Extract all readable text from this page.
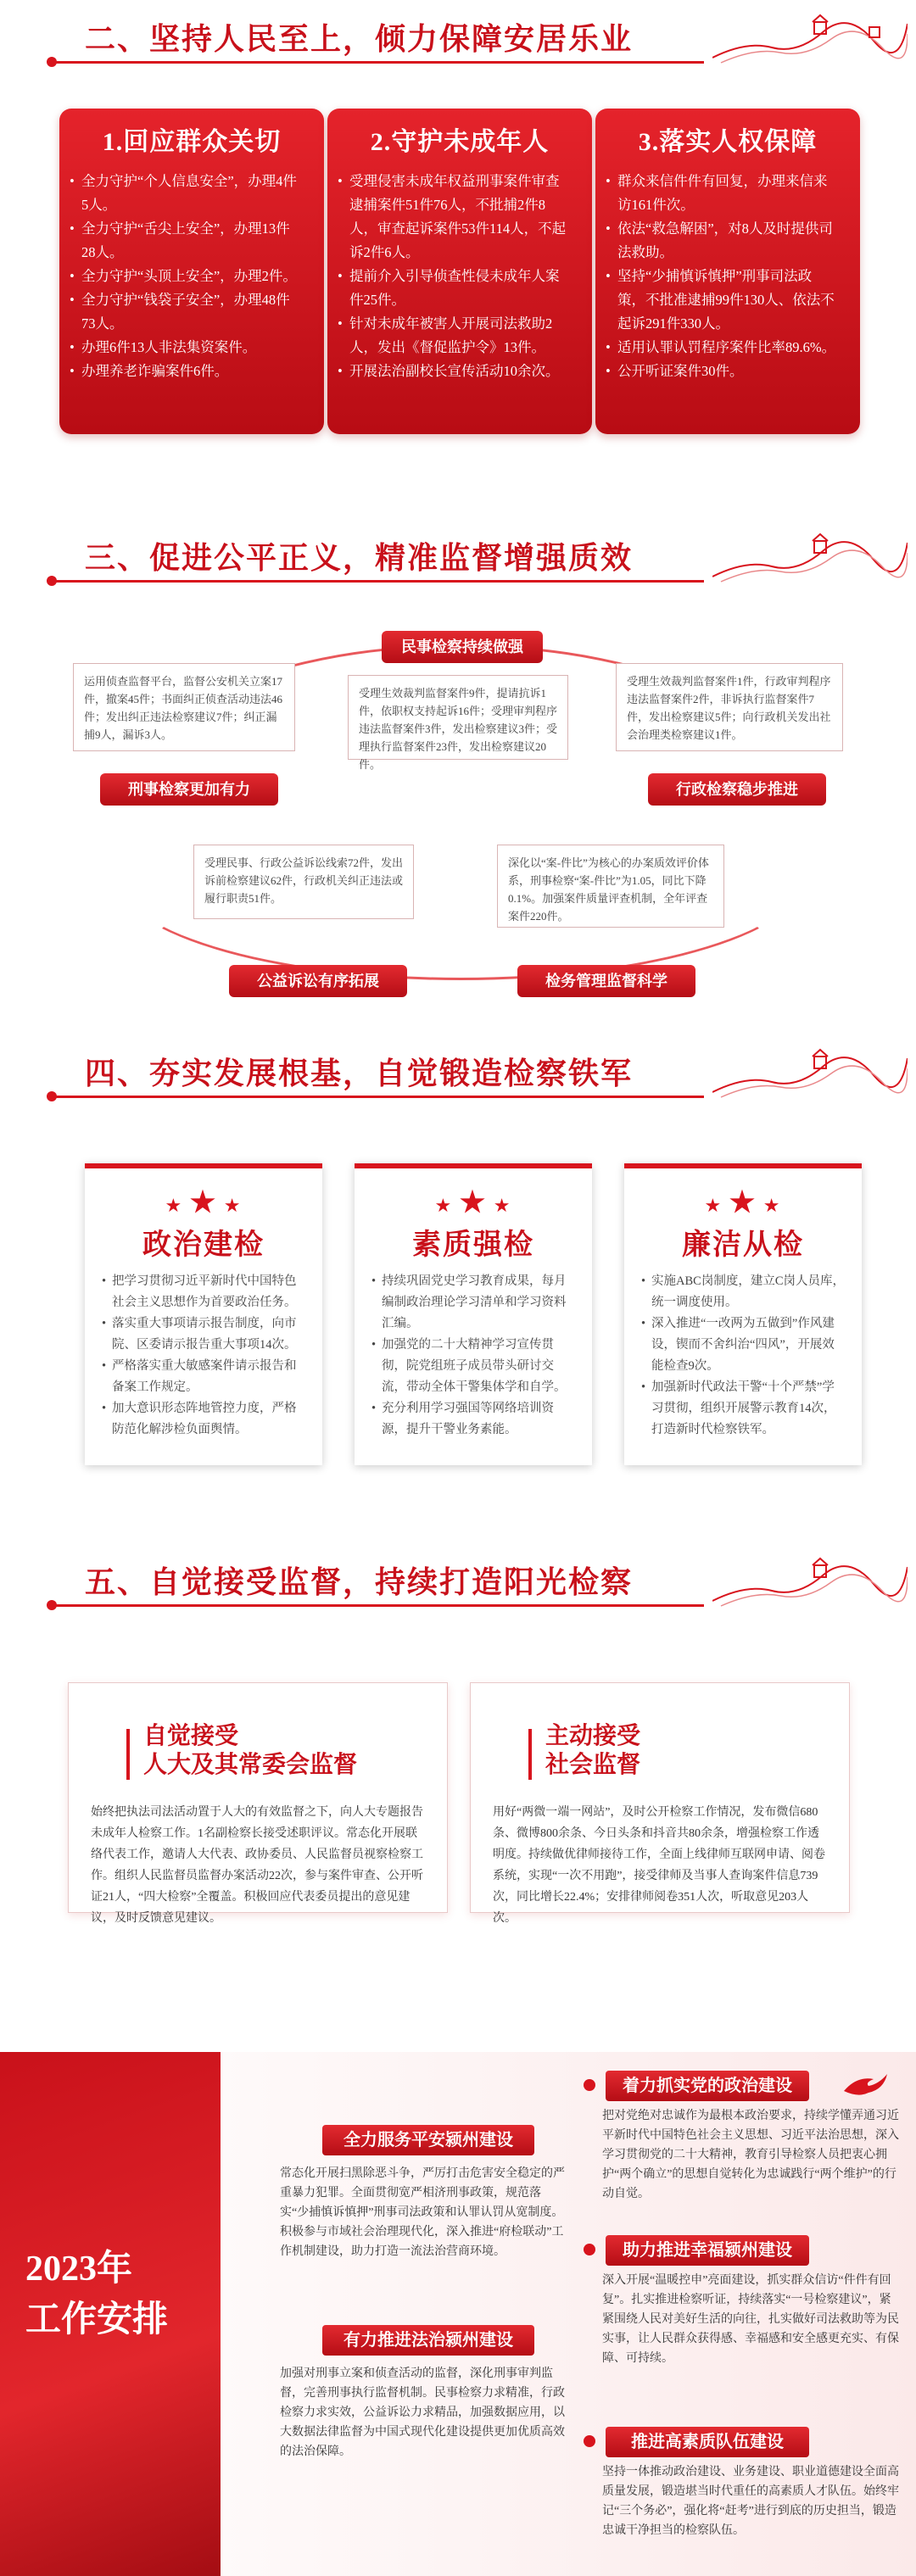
二、坚持人民至上，倾力保障安居乐业
1.回应群众关切
• 全力守护“个人信息安全”，办理4件5人。
• 全力守护“舌尖上安全”，办理13件28人。
• 全力守护“头顶上安全”，办理2件。
• 全力守护“钱袋子安全”，办理48件73人。
• 办理6件13人非法集资案件。
• 办理养老诈骗案件6件。
2.守护未成年人
• 受理侵害未成年权益刑事案件审查逮捕案件51件76人，不批捕2件8人，审查起诉案件53件114人，不起诉2件6人。
• 提前介入引导侦查性侵未成年人案件25件。
• 针对未成年被害人开展司法救助2人，发出《督促监护令》13件。
• 开展法治副校长宣传活动10余次。
3.落实人权保障
• 群众来信件件有回复，办理来信来访161件次。
• 依法“救急解困”，对8人及时提供司法救助。
• 坚持“少捕慎诉慎押”刑事司法政策，不批准逮捕99件130人、依法不起诉291件330人。
• 适用认罪认罚程序案件比率89.6%。
• 公开听证案件30件。
三、促进公平正义，精准监督增强质效
民事检察持续做强
运用侦查监督平台，监督公安机关立案17件，撤案45件；书面纠正侦查活动违法46件；发出纠正违法检察建议7件；纠正漏捕9人，漏诉3人。
刑事检察更加有力
受理生效裁判监督案件9件，提请抗诉1件，依职权支持起诉16件；受理审判程序违法监督案件3件，发出检察建议3件；受理执行监督案件23件，发出检察建议20件。
受理生效裁判监督案件1件，行政审判程序违法监督案件2件，非诉执行监督案件7件，发出检察建议5件；向行政机关发出社会治理类检察建议1件。
行政检察稳步推进
受理民事、行政公益诉讼线索72件，发出诉前检察建议62件，行政机关纠正违法或履行职责51件。
公益诉讼有序拓展
深化以“案-件比”为核心的办案质效评价体系，刑事检察“案-件比”为1.05，同比下降0.1%。加强案件质量评查机制，全年评查案件220件。
检务管理监督科学
四、夯实发展根基，自觉锻造检察铁军
★ ★ ★
政治建检
• 把学习贯彻习近平新时代中国特色社会主义思想作为首要政治任务。
• 落实重大事项请示报告制度，向市院、区委请示报告重大事项14次。
• 严格落实重大敏感案件请示报告和备案工作规定。
• 加大意识形态阵地管控力度，严格防范化解涉检负面舆情。
★ ★ ★
素质强检
• 持续巩固党史学习教育成果，每月编制政治理论学习清单和学习资料汇编。
• 加强党的二十大精神学习宣传贯彻，院党组班子成员带头研讨交流，带动全体干警集体学和自学。
• 充分利用学习强国等网络培训资源，提升干警业务素能。
★ ★ ★
廉洁从检
• 实施ABC岗制度，建立C岗人员库，统一调度使用。
• 深入推进“一改两为五做到”作风建设，锲而不舍纠治“四风”，开展效能检查9次。
• 加强新时代政法干警“十个严禁”学习贯彻，组织开展警示教育14次，打造新时代检察铁军。
五、自觉接受监督，持续打造阳光检察
自觉接受
人大及其常委会监督
始终把执法司法活动置于人大的有效监督之下，向人大专题报告未成年人检察工作。1名副检察长接受述职评议。常态化开展联络代表工作，邀请人大代表、政协委员、人民监督员视察检察工作。组织人民监督员监督办案活动22次，参与案件审查、公开听证21人，“四大检察”全覆盖。积极回应代表委员提出的意见建议，及时反馈意见建议。
主动接受
社会监督
用好“两微一端一网站”，及时公开检察工作情况，发布微信680条、微博800余条、今日头条和抖音共80余条，增强检察工作透明度。持续做优律师接待工作，全面上线律师互联网申请、阅卷系统，实现“一次不用跑”，接受律师及当事人查询案件信息739次，同比增长22.4%；安排律师阅卷351人次，听取意见203人次。
2023年
工作安排
全力服务平安颍州建设
常态化开展扫黑除恶斗争，严厉打击危害安全稳定的严重暴力犯罪。全面贯彻宽严相济刑事政策，规范落实“少捕慎诉慎押”刑事司法政策和认罪认罚从宽制度。积极参与市域社会治理现代化，深入推进“府检联动”工作机制建设，助力打造一流法治营商环境。
有力推进法治颍州建设
加强对刑事立案和侦查活动的监督，深化刑事审判监督，完善刑事执行监督机制。民事检察力求精准，行政检察力求实效，公益诉讼力求精品，加强数据应用，以大数据法律监督为中国式现代化建设提供更加优质高效的法治保障。
着力抓实党的政治建设
把对党绝对忠诚作为最根本政治要求，持续学懂弄通习近平新时代中国特色社会主义思想、习近平法治思想，深入学习贯彻党的二十大精神，教育引导检察人员把衷心拥护“两个确立”的思想自觉转化为忠诚践行“两个维护”的行动自觉。
助力推进幸福颍州建设
深入开展“温暖控申”亮面建设，抓实群众信访“件件有回复”。扎实推进检察听证，持续落实“一号检察建议”，紧紧围绕人民对美好生活的向往，扎实做好司法救助等为民实事，让人民群众获得感、幸福感和安全感更充实、有保障、可持续。
推进高素质队伍建设
坚持一体推动政治建设、业务建设、职业道德建设全面高质量发展，锻造堪当时代重任的高素质人才队伍。始终牢记“三个务必”，强化将“赶考”进行到底的历史担当，锻造忠诚干净担当的检察队伍。
